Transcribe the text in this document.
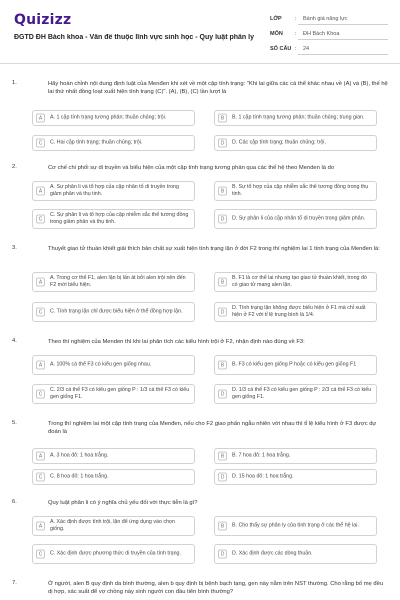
Quizizz
ĐGTD ĐH Bách khoa - Vấn đề thuộc lĩnh vực sinh học - Quy luật phân ly
LỚP : Bánh giá năng lực
MÔN : ĐH Bách Khoa
SỐ CÂU : 24
1.	Hãy hoàn chỉnh nội dung định luật của Menđen khi xét về một cặp tính trạng: "Khi lai giữa các cá thể khác nhau về (A) và (B), thế hệ lai thứ nhất đồng loạt xuất hiện tính trạng (C)". (A), (B), (C) lần lượt là
A	A. 1 cặp tính trạng tương phản; thuần chủng; trội.	B	B. 1 cặp tính trạng tương phản; thuần chủng; trung gian.
C	C. Hai cặp tính trạng; thuần chủng; trội.	D	D. Các cặp tính trạng; thuần chủng; trội.
2.	Cơ chế chi phối sự di truyền và biểu hiện của một cặp tính trạng tương phản qua các thế hệ theo Menden là do
A
A. Sự phân li và tổ hợp của cặp nhân tố di truyền trong giảm phân và thụ tinh.	B
B. Sự tổ hợp của cặp nhiễm sắc thể tương đồng trong thụ tinh.
C
C. Sự phân li và tổ hợp của cặp nhiễm sắc thể tương đồng trong giảm phân và thụ tinh.	D	D. Sự phân li của cặp nhân tố di truyền trong giảm phân.
3.	Thuyết giao tử thuần khiết giải thích bản chất sự xuất hiện tính trạng lặn ở đời F2 trong thí nghiệm lai 1 tính trạng của Menđen là:
A
A. Trong cơ thể F1, alen lặn bị lấn át bởi alen trội nên đến F2 mới biểu hiện.	B
B. F1 là cơ thể lai nhưng tạo giao tử thuần khiết, trong đó có giao tử mang alen lặn.
C	C. Tính trạng lặn chỉ được biểu hiện ở thể đồng hợp lặn.	D
D. Tính trạng lặn không được biểu hiện ở F1 mà chỉ xuất hiện ở F2 với tỉ lệ trung bình là 1/4.
4.	Theo thí nghiệm của Menden thì khi lai phân tích các kiểu hình trội ở F2, nhận định nào đúng về F3:
A	A. 100% cá thể F3 có kiểu gen giống nhau.	B	B. F3 có kiểu gen giống P hoặc có kiểu gen giống F1
C
C. 2/3 cá thể F3 có kiểu gen giống P : 1/3 cá thể F3 có kiểu gen giống F1.	D
D. 1/3 cá thể F3 có kiểu gen giống P : 2/3 cá thể F3 có kiểu gen giống F1.
5.	Trong thí nghiệm lai một cặp tính trạng của Menđen, nếu cho F2 giao phấn ngẫu nhiên với nhau thì tỉ lệ kiểu hình ở F3 được dự đoán là
A	A. 3 hoa đỏ: 1 hoa trắng.	B	B. 7 hoa đỏ: 1 hoa trắng.
C	C. 8 hoa đỏ: 1 hoa trắng.	D	D. 15 hoa đỏ: 1 hoa trắng.
6.	Quy luật phân li có ý nghĩa chủ yếu đối với thực tiễn là gì?
A
A. Xác định được tính trội, lặn để ứng dụng vào chọn giống.	B	B. Cho thấy sự phân ly của tính trạng ở các thế hệ lai.
C	C. Xác định được phương thức di truyền của tính trạng.	D	D. Xác định được các dòng thuần.
7.	Ở người, alen B quy định da bình thường, alen b quy định bị bệnh bạch tạng, gen này nằm trên NST thường. Cho rằng bố mẹ đều dị hợp, xác suất để vợ chồng này sinh người con đầu tiên bình thường?
